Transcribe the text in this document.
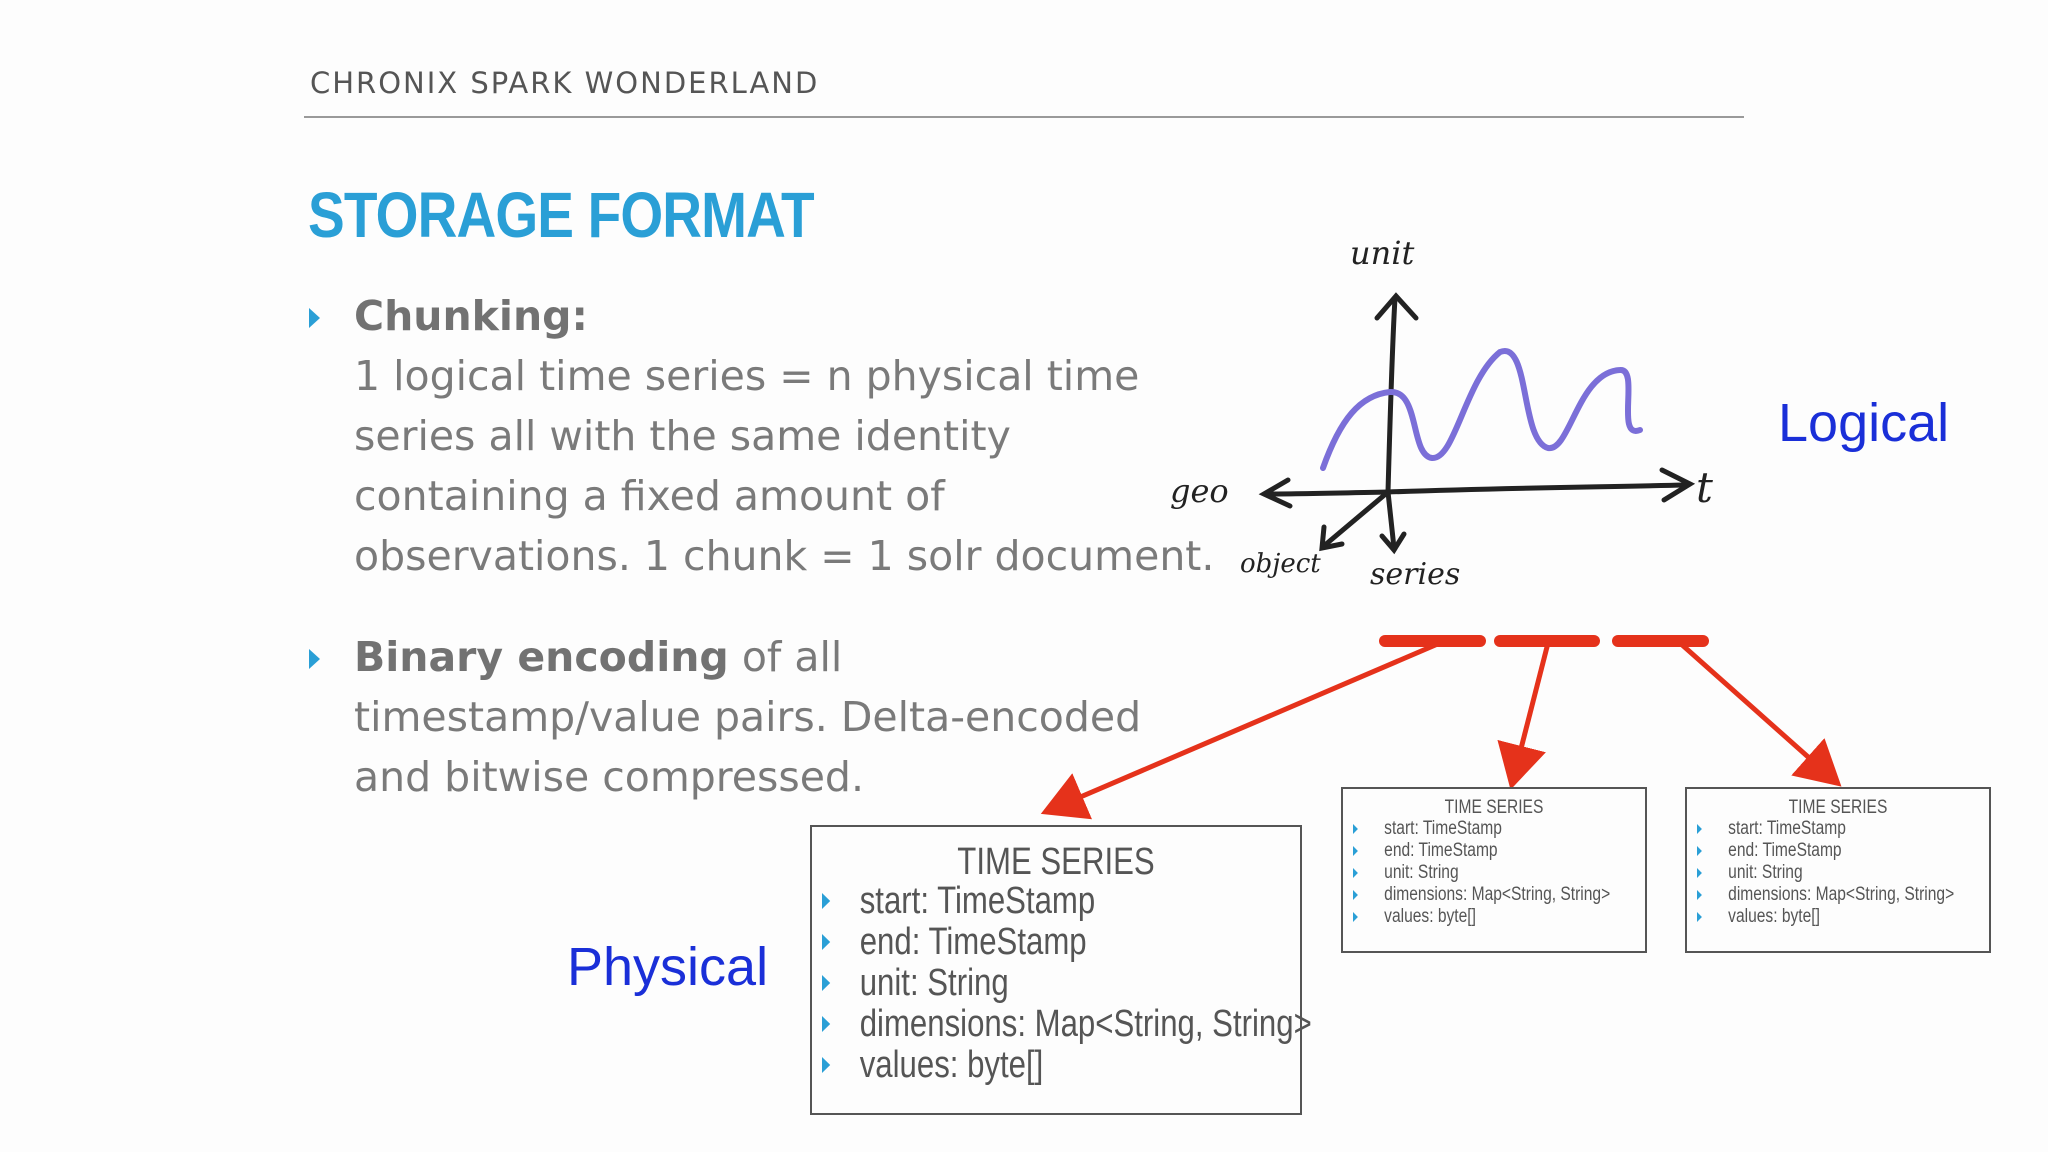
CHRONIX SPARK WONDERLAND
STORAGE FORMAT
Chunking:
1 logical time series = n physical time
series all with the same identity
containing a fixed amount of
observations. 1 chunk = 1 solr document.
Binary encoding of all
timestamp/value pairs. Delta-encoded
and bitwise compressed.
unit
t
geo
object series
Logical
Physical
TIME SERIES
start: TimeStamp
end: TimeStamp
unit: String
dimensions: Map<String, String>
values: byte[]
TIME SERIES
start: TimeStamp
end: TimeStamp
unit: String
dimensions: Map<String, String>
values: byte[]
TIME SERIES
start: TimeStamp
end: TimeStamp
unit: String
dimensions: Map<String, String>
values: byte[]
